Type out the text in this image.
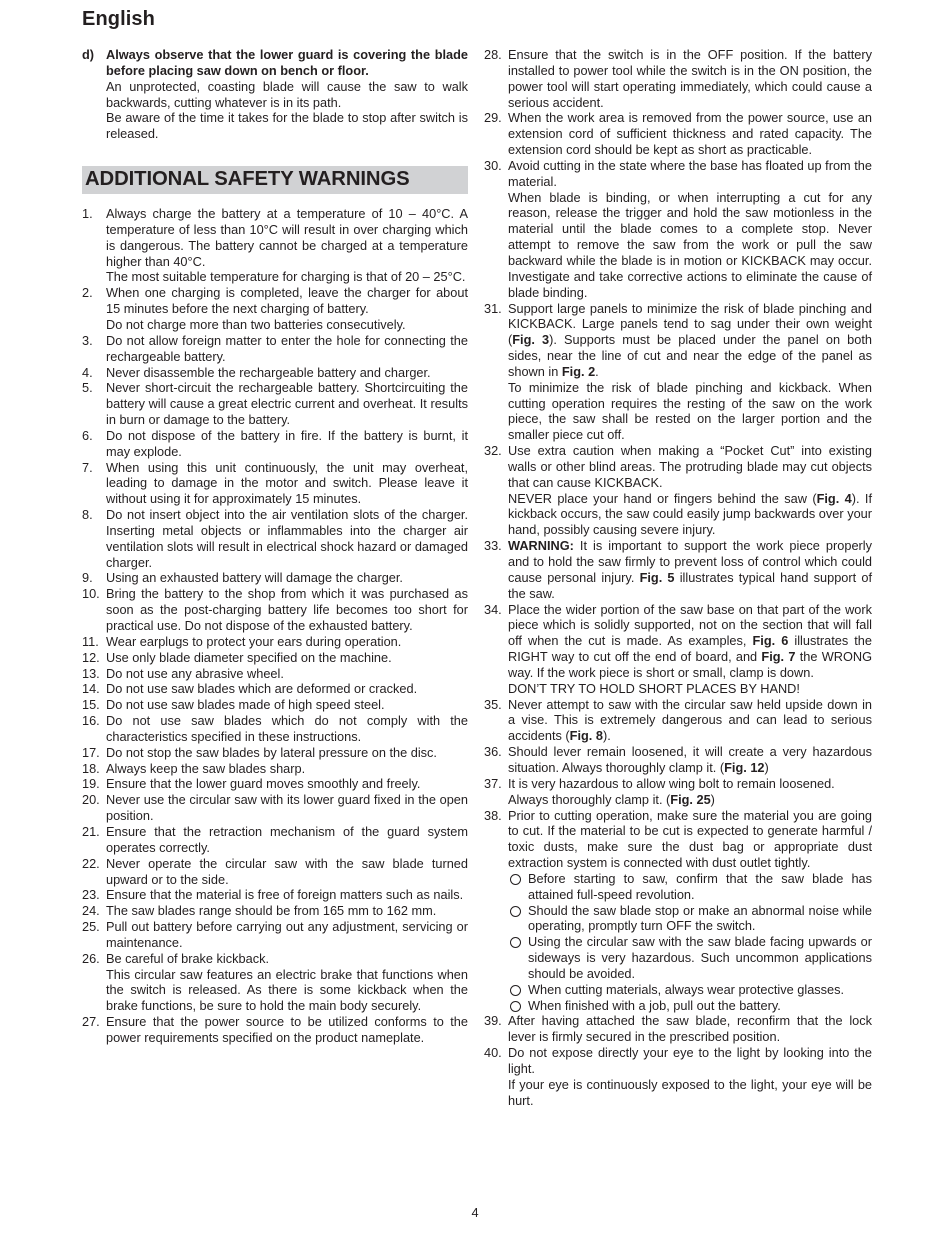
English
d) Always observe that the lower guard is covering the blade before placing saw down on bench or floor.

An unprotected, coasting blade will cause the saw to walk backwards, cutting whatever is in its path.

Be aware of the time it takes for the blade to stop after switch is released.

ADDITIONAL SAFETY WARNINGS
1.	Always charge the battery at a temperature of 10 – 40°C. A temperature of less than 10°C will result in over charging which is dangerous. The battery cannot be charged at a temperature higher than 40°C.

The most suitable temperature for charging is that of 20 – 25°C.

2.	When one charging is completed, leave the charger for about 15 minutes before the next charging of battery.

Do not charge more than two batteries consecutively.

3.	Do not allow foreign matter to enter the hole for connecting the rechargeable battery.

4.	Never disassemble the rechargeable battery and charger.

5.	Never short-circuit the rechargeable battery. Shortcircuiting the battery will cause a great electric current and overheat. It results in burn or damage to the battery.

6.	Do not dispose of the battery in fire. If the battery is burnt, it may explode.

7.	When using this unit continuously, the unit may overheat, leading to damage in the motor and switch. Please leave it without using it for approximately 15 minutes.

8.	Do not insert object into the air ventilation slots of the charger. Inserting metal objects or inflammables into the charger air ventilation slots will result in electrical shock hazard or damaged charger.

9.	Using an exhausted battery will damage the charger.

10. Bring the battery to the shop from which it was purchased as soon as the post-charging battery life becomes too short for practical use. Do not dispose of the exhausted battery.

11. Wear earplugs to protect your ears during operation.

12. Use only blade diameter specified on the machine.

13. Do not use any abrasive wheel.

14. Do not use saw blades which are deformed or cracked.

15. Do not use saw blades made of high speed steel.

16. Do not use saw blades which do not comply with the characteristics specified in these instructions.

17. Do not stop the saw blades by lateral pressure on the disc.

18. Always keep the saw blades sharp.

19. Ensure that the lower guard moves smoothly and freely.

20. Never use the circular saw with its lower guard fixed in the open position.

21. Ensure that the retraction mechanism of the guard system operates correctly.

22. Never operate the circular saw with the saw blade turned upward or to the side.

23. Ensure that the material is free of foreign matters such as nails.

24. The saw blades range should be from 165 mm to 162 mm.

25. Pull out battery before carrying out any adjustment, servicing or maintenance.

26. Be careful of brake kickback.

This circular saw features an electric brake that functions when the switch is released. As there is some kickback when the brake functions, be sure to hold the main body securely.

27. Ensure that the power source to be utilized conforms to the power requirements specified on the product nameplate.

28. Ensure that the switch is in the OFF position. If the battery installed to power tool while the switch is in the ON position, the power tool will start operating immediately, which could cause a serious accident.

29. When the work area is removed from the power source, use an extension cord of sufficient thickness and rated capacity. The extension cord should be kept as short as practicable.

30. Avoid cutting in the state where the base has floated up from the material.

When blade is binding, or when interrupting a cut for any reason, release the trigger and hold the saw motionless in the material until the blade comes to a complete stop. Never attempt to remove the saw from the work or pull the saw backward while the blade is in motion or KICKBACK may occur. Investigate and take corrective actions to eliminate the cause of blade binding.

31. Support large panels to minimize the risk of blade pinching and KICKBACK. Large panels tend to sag under their own weight (Fig. 3). Supports must be placed under the panel on both sides, near the line of cut and near the edge of the panel as shown in Fig. 2.

To minimize the risk of blade pinching and kickback. When cutting operation requires the resting of the saw on the work piece, the saw shall be rested on the larger portion and the smaller piece cut off.

32. Use extra caution when making a “Pocket Cut” into existing walls or other blind areas. The protruding blade may cut objects that can cause KICKBACK.

NEVER place your hand or fingers behind the saw (Fig. 4). If kickback occurs, the saw could easily jump backwards over your hand, possibly causing severe injury.

33. WARNING: It is important to support the work piece properly and to hold the saw firmly to prevent loss of control which could cause personal injury. Fig. 5 illustrates typical hand support of the saw.

34. Place the wider portion of the saw base on that part of the work piece which is solidly supported, not on the section that will fall off when the cut is made. As examples, Fig. 6 illustrates the RIGHT way to cut off the end of board, and Fig. 7 the WRONG way. If the work piece is short or small, clamp is down.

DON’T TRY TO HOLD SHORT PLACES BY HAND!

35. Never attempt to saw with the circular saw held upside down in a vise. This is extremely dangerous and can lead to serious accidents (Fig. 8).

36. Should lever remain loosened, it will create a very hazardous situation. Always thoroughly clamp it. (Fig. 12)

37. It is very hazardous to allow wing bolt to remain loosened.

Always thoroughly clamp it. (Fig. 25)

38. Prior to cutting operation, make sure the material you are going to cut. If the material to be cut is expected to generate harmful / toxic dusts, make sure the dust bag or appropriate dust extraction system is connected with dust outlet tightly.

Before starting to saw, confirm that the saw blade has attained full-speed revolution.

Should the saw blade stop or make an abnormal noise while operating, promptly turn OFF the switch.

Using the circular saw with the saw blade facing upwards or sideways is very hazardous. Such uncommon applications should be avoided.

When cutting materials, always wear protective glasses.

When finished with a job, pull out the battery.

39. After having attached the saw blade, reconfirm that the lock lever is firmly secured in the prescribed position.

40. Do not expose directly your eye to the light by looking into the light.

If your eye is continuously exposed to the light, your eye will be hurt.

4
